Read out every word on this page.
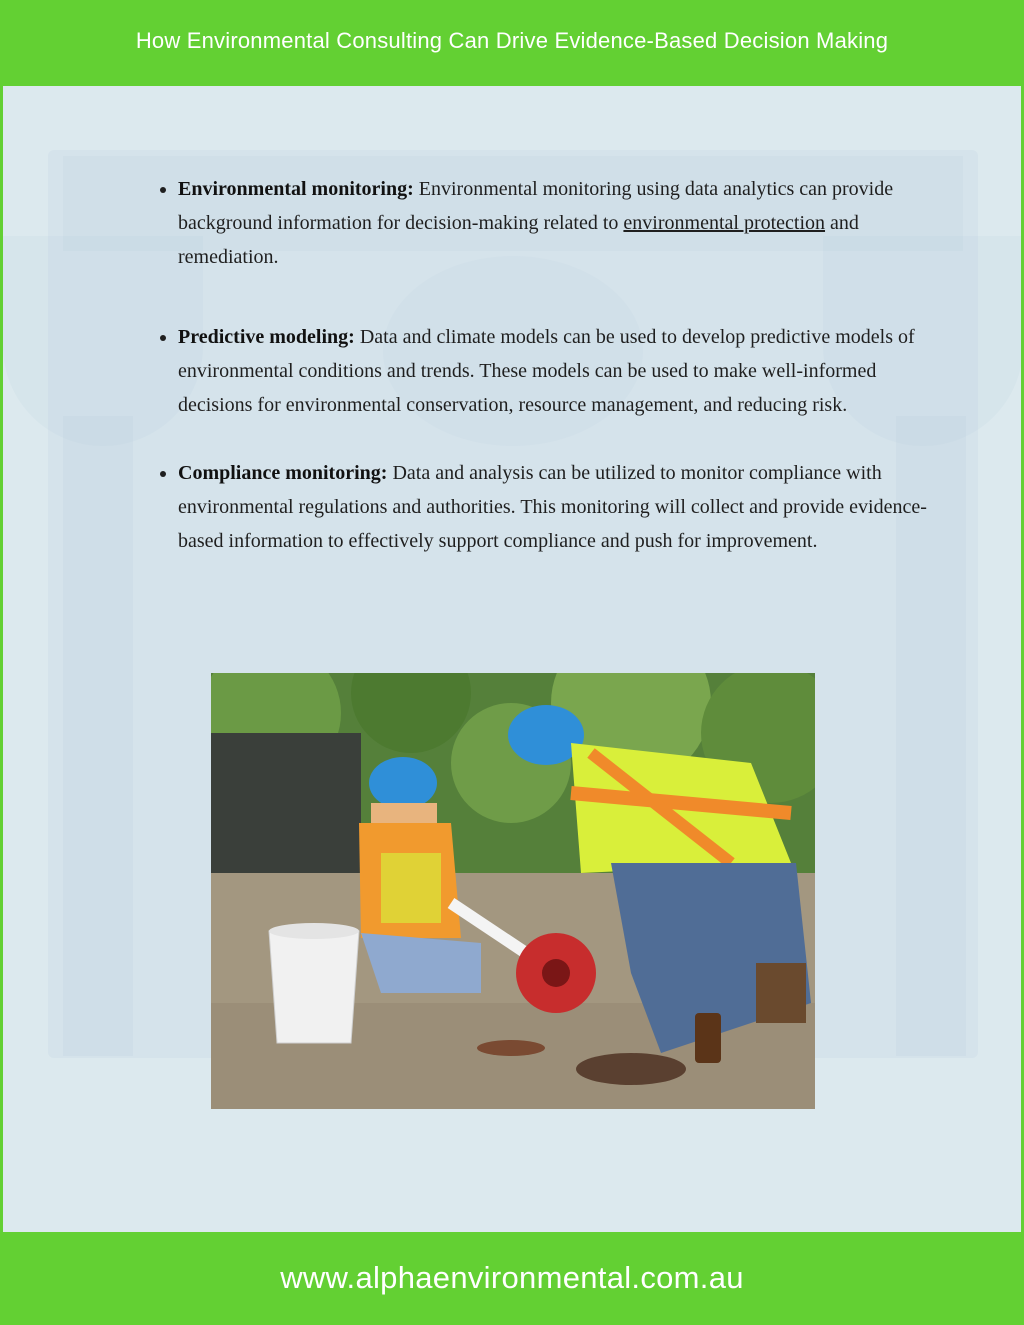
How Environmental Consulting Can Drive Evidence-Based Decision Making
• Environmental monitoring: Environmental monitoring using data analytics can provide background information for decision-making related to environmental protection and remediation.
• Predictive modeling: Data and climate models can be used to develop predictive models of environmental conditions and trends. These models can be used to make well-informed decisions for environmental conservation, resource management, and reducing risk.
• Compliance monitoring: Data and analysis can be utilized to monitor compliance with environmental regulations and authorities. This monitoring will collect and provide evidence-based information to effectively support compliance and push for improvement.
www.alphaenvironmental.com.au
